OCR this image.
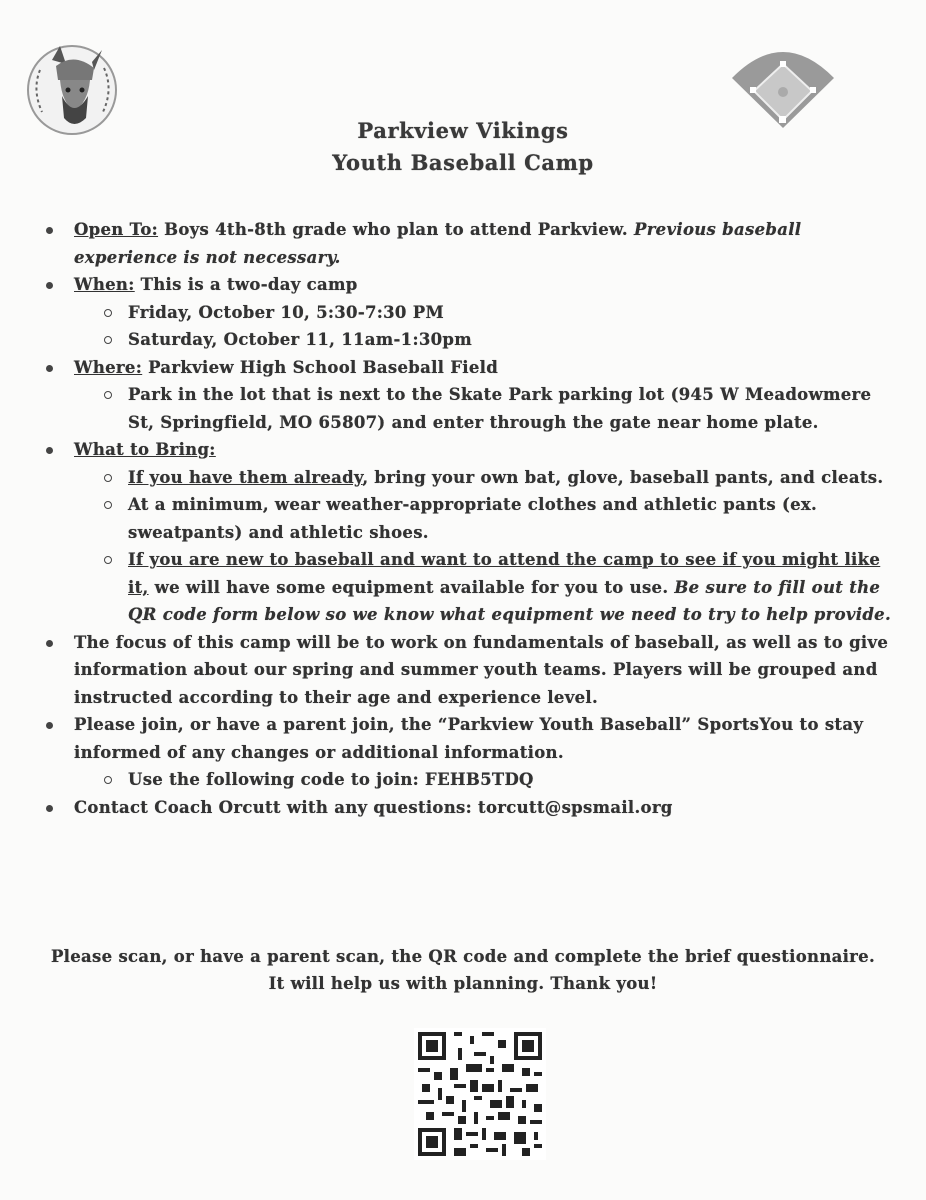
Parkview Vikings
Youth Baseball Camp
Open To: Boys 4th-8th grade who plan to attend Parkview. Previous baseball experience is not necessary.
When: This is a two-day camp
Friday, October 10, 5:30-7:30 PM
Saturday, October 11, 11am-1:30pm
Where: Parkview High School Baseball Field
Park in the lot that is next to the Skate Park parking lot (945 W Meadowmere St, Springfield, MO 65807) and enter through the gate near home plate.
What to Bring:
If you have them already, bring your own bat, glove, baseball pants, and cleats.
At a minimum, wear weather-appropriate clothes and athletic pants (ex. sweatpants) and athletic shoes.
If you are new to baseball and want to attend the camp to see if you might like it, we will have some equipment available for you to use. Be sure to fill out the QR code form below so we know what equipment we need to try to help provide.
The focus of this camp will be to work on fundamentals of baseball, as well as to give information about our spring and summer youth teams. Players will be grouped and instructed according to their age and experience level.
Please join, or have a parent join, the “Parkview Youth Baseball” SportsYou to stay informed of any changes or additional information.
Use the following code to join: FEHB5TDQ
Contact Coach Orcutt with any questions: torcutt@spsmail.org
Please scan, or have a parent scan, the QR code and complete the brief questionnaire. It will help us with planning. Thank you!
